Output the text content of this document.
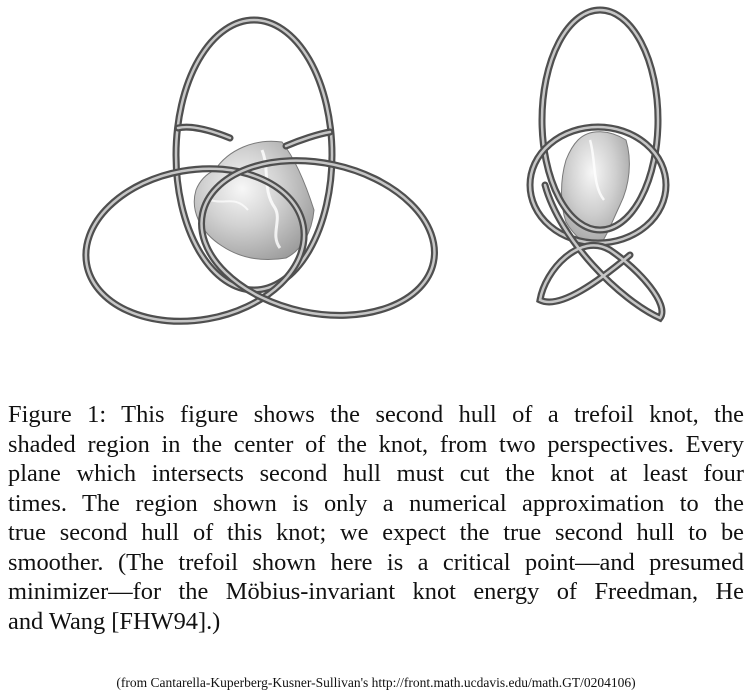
Figure 1: This figure shows the second hull of a trefoil knot, the
shaded region in the center of the knot, from two perspectives. Every
plane which intersects second hull must cut the knot at least four
times. The region shown is only a numerical approximation to the
true second hull of this knot; we expect the true second hull to be
smoother. (The trefoil shown here is a critical point—and presumed
minimizer—for the Möbius-invariant knot energy of Freedman, He
and Wang [FHW94].)
(from Cantarella-Kuperberg-Kusner-Sullivan's http://front.math.ucdavis.edu/math.GT/0204106)
